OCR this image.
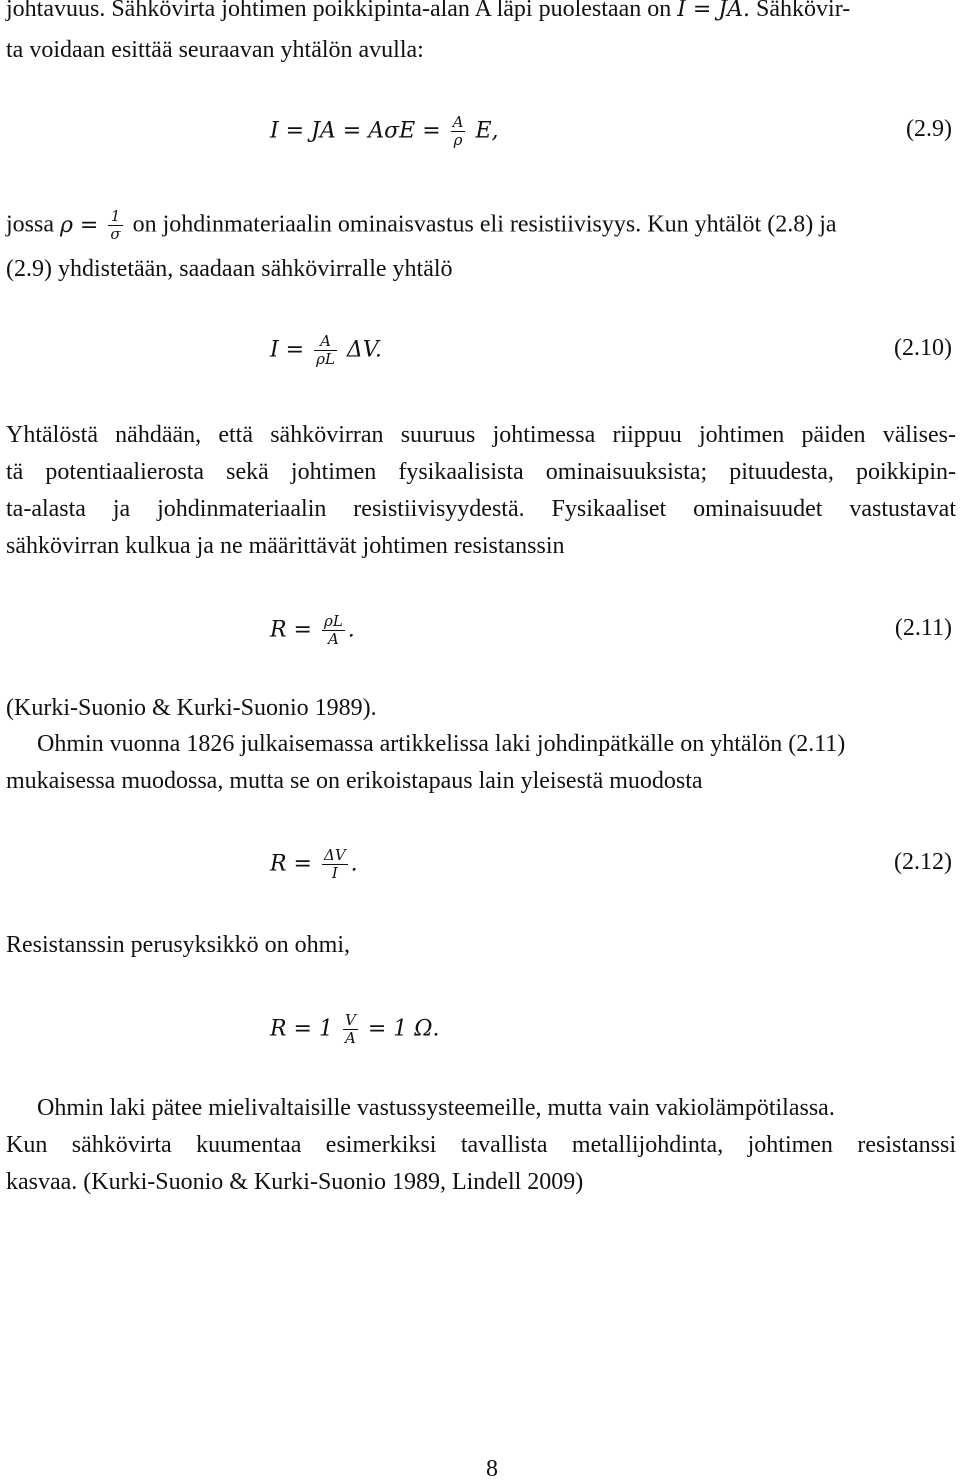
johtavuus. Sähkövirta johtimen poikkipinta-alan A läpi puolestaan on I = JA. Sähkövir-
ta voidaan esittää seuraavan yhtälön avulla:
I = JA = $A\sigma E = \frac{A}{\rho} E$,	(2.9)
jossa $\rho = \frac{1}{\sigma}$ on johdinmateriaalin ominaisvastus eli resistiivisyys. Kun yhtälöt (2.8) ja
(2.9) yhdistetään, saadaan sähkövirralle yhtälö
$I = \frac{A}{\rho L} \Delta V$.	(2.10)
Yhtälöstä nähdään, että sähkövirran suuruus johtimessa riippuu johtimen päiden välises-
tä potentiaalierosta sekä johtimen fysikaalisista ominaisuuksista; pituudesta, poikkipin-
ta-alasta ja johdinmateriaalin resistiivisyydestä. Fysikaaliset ominaisuudet vastustavat
sähkövirran kulkua ja ne määrittävät johtimen resistanssin
$R = \frac{\rho L}{A}$ .	(2.11)
(Kurki-Suonio & Kurki-Suonio 1989).
Ohmin vuonna 1826 julkaisemassa artikkelissa laki johdinpätkälle on yhtälön (2.11)
mukaisessa muodossa, mutta se on erikoistapaus lain yleisestä muodosta
$R = \frac{\Delta V}{I}$ .	(2.12)
Resistanssin perusyksikkö on ohmi,
$R = 1 \frac{V}{A} = 1$ Ω.
Ohmin laki pätee mielivaltaisille vastussysteemeille, mutta vain vakiolämpötilassa.
Kun sähkövirta kuumentaa esimerkiksi tavallista metallijohdinta, johtimen resistanssi
kasvaa. (Kurki-Suonio & Kurki-Suonio 1989, Lindell 2009)
8
